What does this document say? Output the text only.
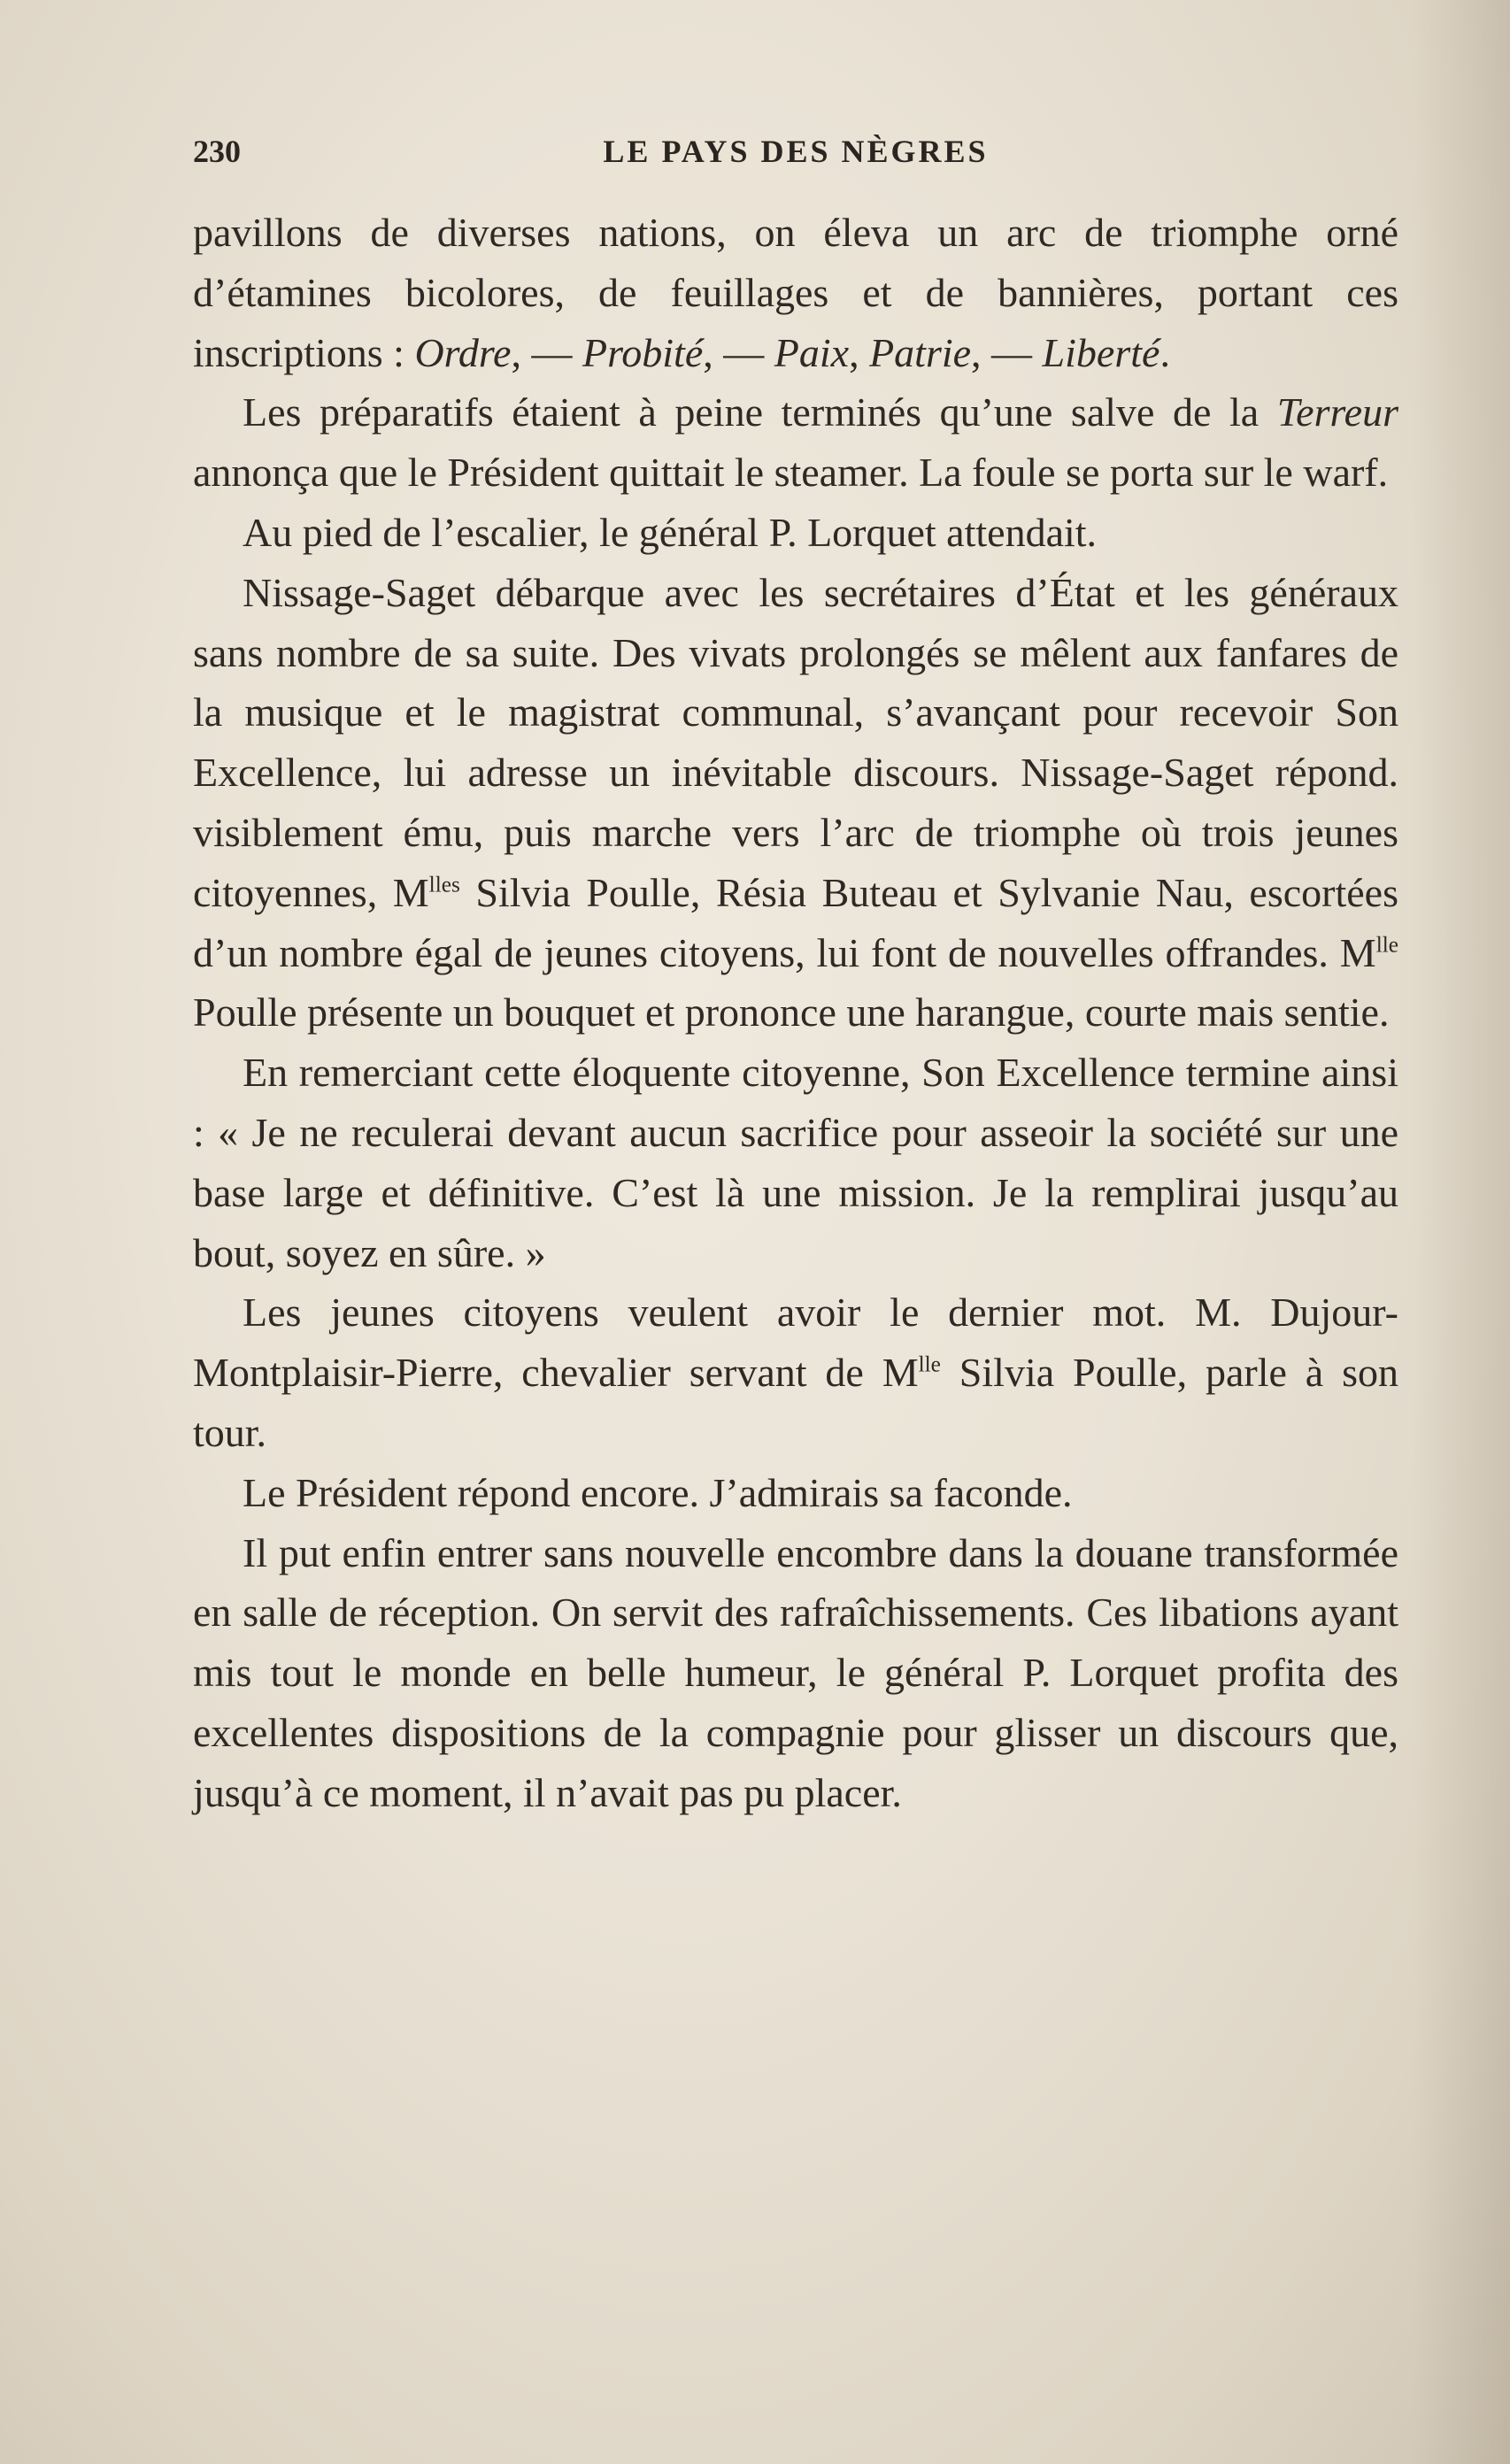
230	LE PAYS DES NÈGRES

pavillons de diverses nations, on éleva un arc de triomphe orné d’étamines bicolores, de feuillages et de bannières, portant ces inscriptions : Ordre, — Probité, — Paix, Patrie, — Liberté.

Les préparatifs étaient à peine terminés qu’une salve de la Terreur annonça que le Président quittait le steamer. La foule se porta sur le warf.

Au pied de l’escalier, le général P. Lorquet attendait.

Nissage-Saget débarque avec les secrétaires d’État et les généraux sans nombre de sa suite. Des vivats prolongés se mêlent aux fanfares de la musique et le magistrat communal, s’avançant pour recevoir Son Excellence, lui adresse un inévitable discours. Nissage-Saget répond. visiblement ému, puis marche vers l’arc de triomphe où trois jeunes citoyennes, $M^{lles}$ Silvia Poulle, Résia Buteau et Sylvanie Nau, escortées d’un nombre égal de jeunes citoyens, lui font de nouvelles offrandes. $M^{lle}$ Poulle présente un bouquet et prononce une harangue, courte mais sentie.

En remerciant cette éloquente citoyenne, Son Excellence termine ainsi : « Je ne reculerai devant aucun sacrifice pour asseoir la société sur une base large et définitive. C’est là une mission. Je la remplirai jusqu’au bout, soyez en sûre. »

Les jeunes citoyens veulent avoir le dernier mot. M. Dujour-Montplaisir-Pierre, chevalier servant de $M^{lle}$ Silvia Poulle, parle à son tour.

Le Président répond encore. J’admirais sa faconde.

Il put enfin entrer sans nouvelle encombre dans la douane transformée en salle de réception. On servit des rafraîchissements. Ces libations ayant mis tout le monde en belle humeur, le général P. Lorquet profita des excellentes dispositions de la compagnie pour glisser un discours que, jusqu’à ce moment, il n’avait pas pu placer.
